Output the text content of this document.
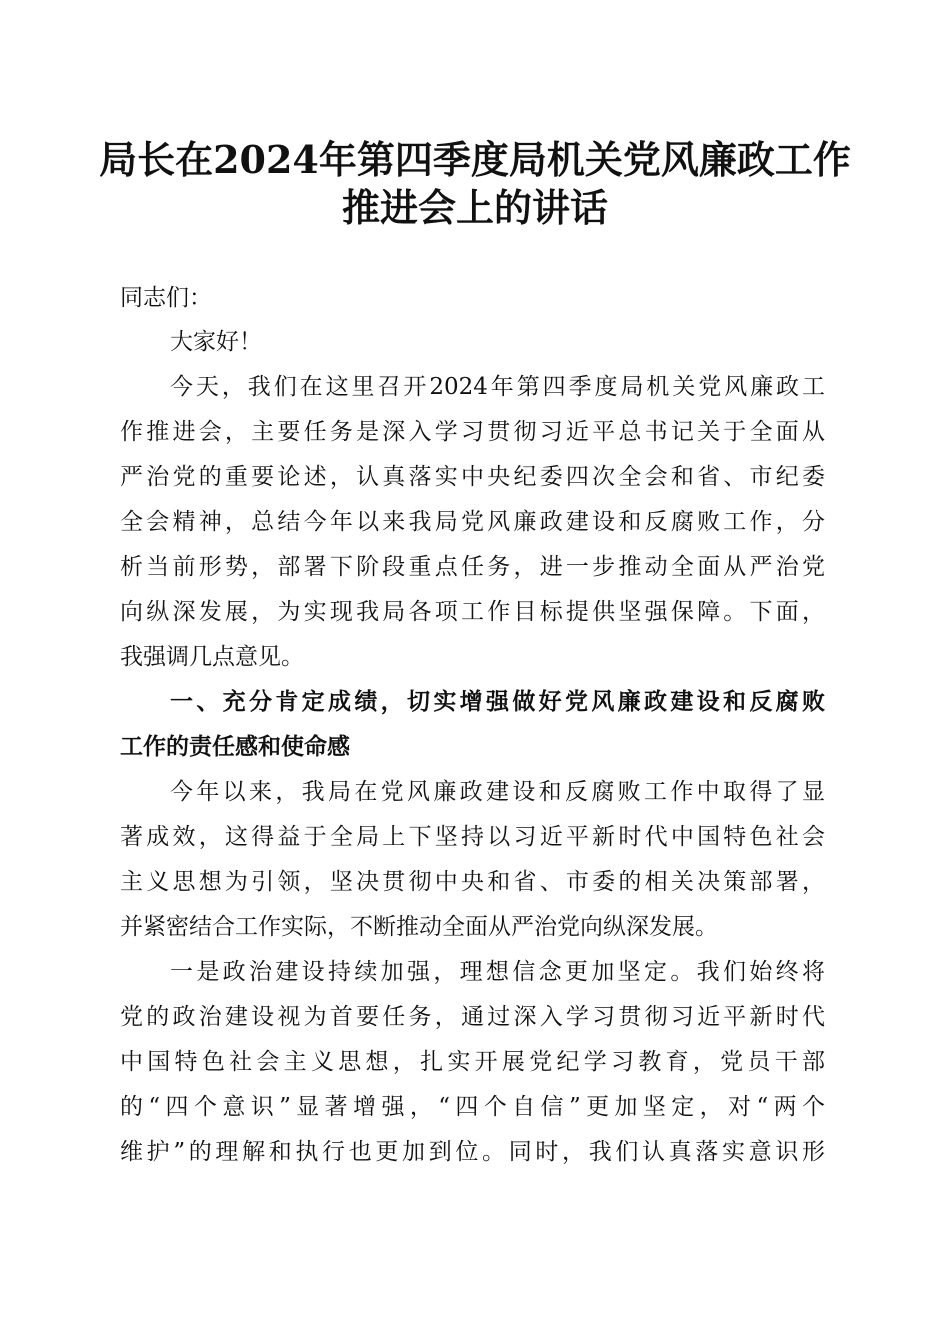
局长在2024年第四季度局机关党风廉政工作
推进会上的讲话

同志们：

大家好！

今天，我们在这里召开2024年第四季度局机关党风廉政工

作推进会，主要任务是深入学习贯彻习近平总书记关于全面从

严治党的重要论述，认真落实中央纪委四次全会和省、市纪委

全会精神，总结今年以来我局党风廉政建设和反腐败工作，分

析当前形势，部署下阶段重点任务，进一步推动全面从严治党

向纵深发展，为实现我局各项工作目标提供坚强保障。下面，

我强调几点意见。

一、充分肯定成绩，切实增强做好党风廉政建设和反腐败

工作的责任感和使命感

今年以来，我局在党风廉政建设和反腐败工作中取得了显

著成效，这得益于全局上下坚持以习近平新时代中国特色社会

主义思想为引领，坚决贯彻中央和省、市委的相关决策部署，

并紧密结合工作实际，不断推动全面从严治党向纵深发展。

一是政治建设持续加强，理想信念更加坚定。我们始终将

党的政治建设视为首要任务，通过深入学习贯彻习近平新时代

中国特色社会主义思想，扎实开展党纪学习教育，党员干部

的“四个意识”显著增强，“四个自信”更加坚定，对“两个

维护”的理解和执行也更加到位。同时，我们认真落实意识形
